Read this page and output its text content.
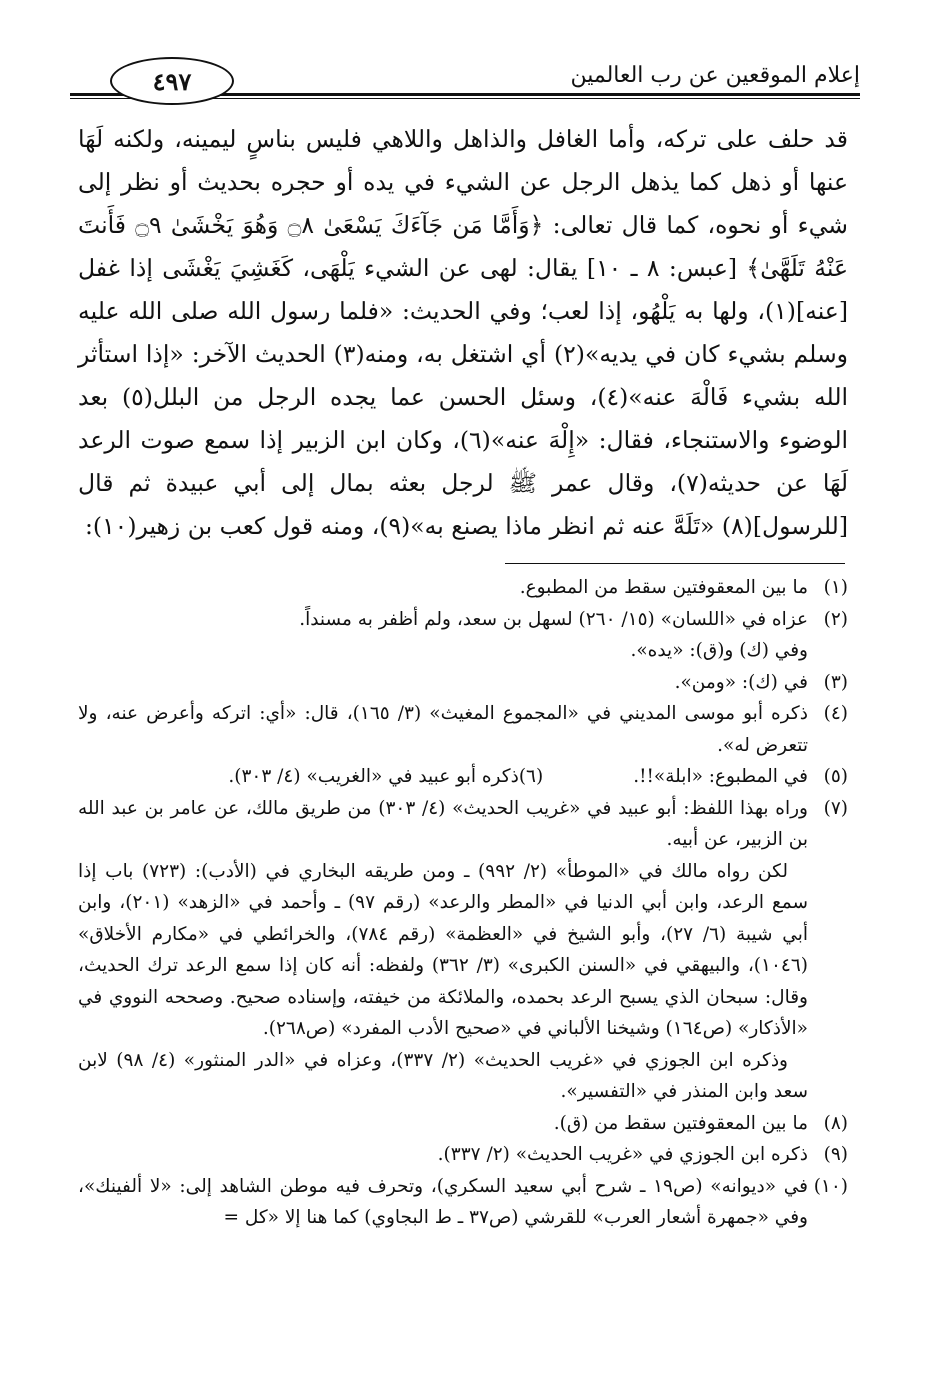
إعلام الموقعين عن رب العالمين
٤٩٧

قد حلف على تركه، وأما الغافل والذاهل واللاهي فليس بناسٍ ليمينه، ولكنه لَهَا عنها أو ذهل كما يذهل الرجل عن الشيء في يده أو حجره بحديث أو نظر إلى شيء أو نحوه، كما قال تعالى: ﴿وَأَمَّا مَن جَآءَكَ يَسْعَىٰ ۝٨ وَهُوَ يَخْشَىٰ ۝٩ فَأَنتَ عَنْهُ تَلَهَّىٰ﴾ [عبس: ٨ ـ ١٠] يقال: لهى عن الشيء يَلْهَى، كَغَشِيَ يَغْشَى إذا غفل [عنه](١)، ولها به يَلْهُو، إذا لعب؛ وفي الحديث: «فلما رسول الله صلى الله عليه وسلم بشيء كان في يديه»(٢) أي اشتغل به، ومنه(٣) الحديث الآخر: «إذا استأثر الله بشيء فَالْهَ عنه»(٤)، وسئل الحسن عما يجده الرجل من البلل(٥) بعد الوضوء والاستنجاء، فقال: «إِلْهَ عنه»(٦)، وكان ابن الزبير إذا سمع صوت الرعد لَهَا عن حديثه(٧)، وقال عمر ﷺ لرجل بعثه بمال إلى أبي عبيدة ثم قال [للرسول](٨) «تَلَهَّ عنه ثم انظر ماذا يصنع به»(٩)، ومنه قول كعب بن زهير(١٠):

(١)
ما بين المعقوفتين سقط من المطبوع.
(٢)
عزاه في «اللسان» (١٥/ ٢٦٠) لسهل بن سعد، ولم أظفر به مسنداً.
وفي (ك) و(ق): «يده».
(٣)
في (ك): «ومن».
(٤)
ذكره أبو موسى المديني في «المجموع المغيث» (٣/ ١٦٥)، قال: «أي: اتركه وأعرض عنه، ولا تتعرض له».
(٥)
في المطبوع: «ابلة»!!.
(٦)
ذكره أبو عبيد في «الغريب» (٤/ ٣٠٣).
(٧)
وراه بهذا اللفظ: أبو عبيد في «غريب الحديث» (٤/ ٣٠٣) من طريق مالك، عن عامر بن عبد الله بن الزبير، عن أبيه.
لكن رواه مالك في «الموطأ» (٢/ ٩٩٢) ـ ومن طريقه البخاري في (الأدب): (٧٢٣) باب إذا سمع الرعد، وابن أبي الدنيا في «المطر والرعد» (رقم ٩٧) ـ وأحمد في «الزهد» (٢٠١)، وابن أبي شيبة (٦/ ٢٧)، وأبو الشيخ في «العظمة» (رقم ٧٨٤)، والخرائطي في «مكارم الأخلاق» (١٠٤٦)، والبيهقي في «السنن الكبرى» (٣/ ٣٦٢) ولفظه: أنه كان إذا سمع الرعد ترك الحديث، وقال: سبحان الذي يسبح الرعد بحمده، والملائكة من خيفته، وإسناده صحيح. وصححه النووي في «الأذكار» (ص١٦٤) وشيخنا الألباني في «صحيح الأدب المفرد» (ص٢٦٨).
وذكره ابن الجوزي في «غريب الحديث» (٢/ ٣٣٧)، وعزاه في «الدر المنثور» (٤/ ٩٨) لابن سعد وابن المنذر في «التفسير».
(٨)
ما بين المعقوفتين سقط من (ق).
(٩)
ذكره ابن الجوزي في «غريب الحديث» (٢/ ٣٣٧).
(١٠)
في «ديوانه» (ص١٩ ـ شرح أبي سعيد السكري)، وتحرف فيه موطن الشاهد إلى: «لا ألفينك»، وفي «جمهرة أشعار العرب» للقرشي (ص٣٧ ـ ط البجاوي) كما هنا إلا «كل =
